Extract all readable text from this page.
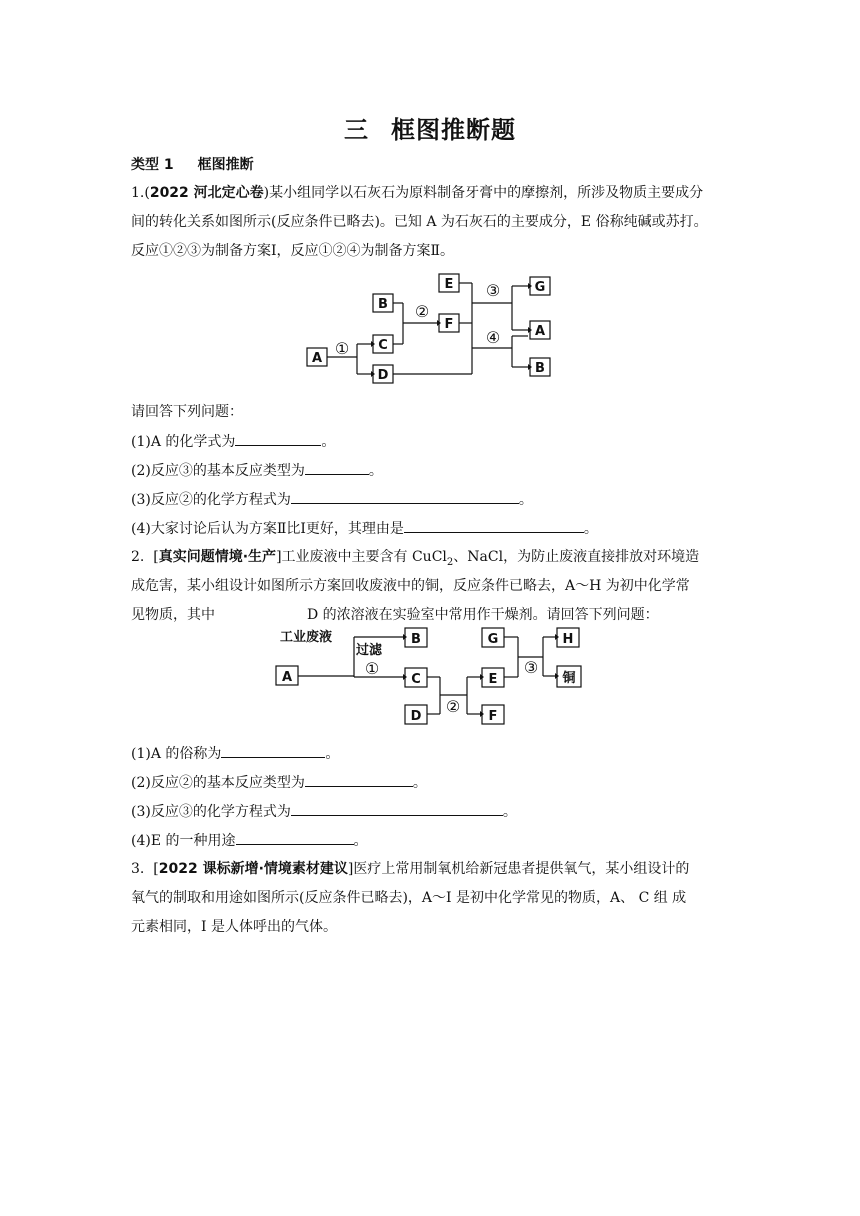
三 框图推断题
类型 1 框图推断
1.(2022 河北定心卷)某小组同学以石灰石为原料制备牙膏中的摩擦剂，所涉及物质主要成分
间的转化关系如图所示(反应条件已略去)。已知 A 为石灰石的主要成分，E 俗称纯碱或苏打。
反应①②③为制备方案Ⅰ，反应①②④为制备方案Ⅱ。
A
B
C
D
E
F
G
A
B
①
②
③
④
请回答下列问题：
(1)A 的化学式为	。
(2)反应③的基本反应类型为	。
(3)反应②的化学方程式为	。
(4)大家讨论后认为方案Ⅱ比Ⅰ更好，其理由是	。
2.  [真实问题情境·生产]工业废液中主要含有 CuCl$_2$、NaCl，为防止废液直接排放对环境造
成危害，某小组设计如图所示方案回收废液中的铜，反应条件已略去，A～H 为初中化学常
见物质，其中	D 的浓溶液在实验室中常用作干燥剂。请回答下列问题：
A
B
C
D
G
E
F
H
铜
工业废液
过滤
①
②
③
(1)A 的俗称为	。
(2)反应②的基本反应类型为	。
(3)反应③的化学方程式为	。
(4)E 的一种用途	。
3.  [2022 课标新增·情境素材建议]医疗上常用制氧机给新冠患者提供氧气，某小组设计的
氧气的制取和用途如图所示(反应条件已略去)，A～I 是初中化学常见的物质，A、 C 组 成
元素相同，I 是人体呼出的气体。
